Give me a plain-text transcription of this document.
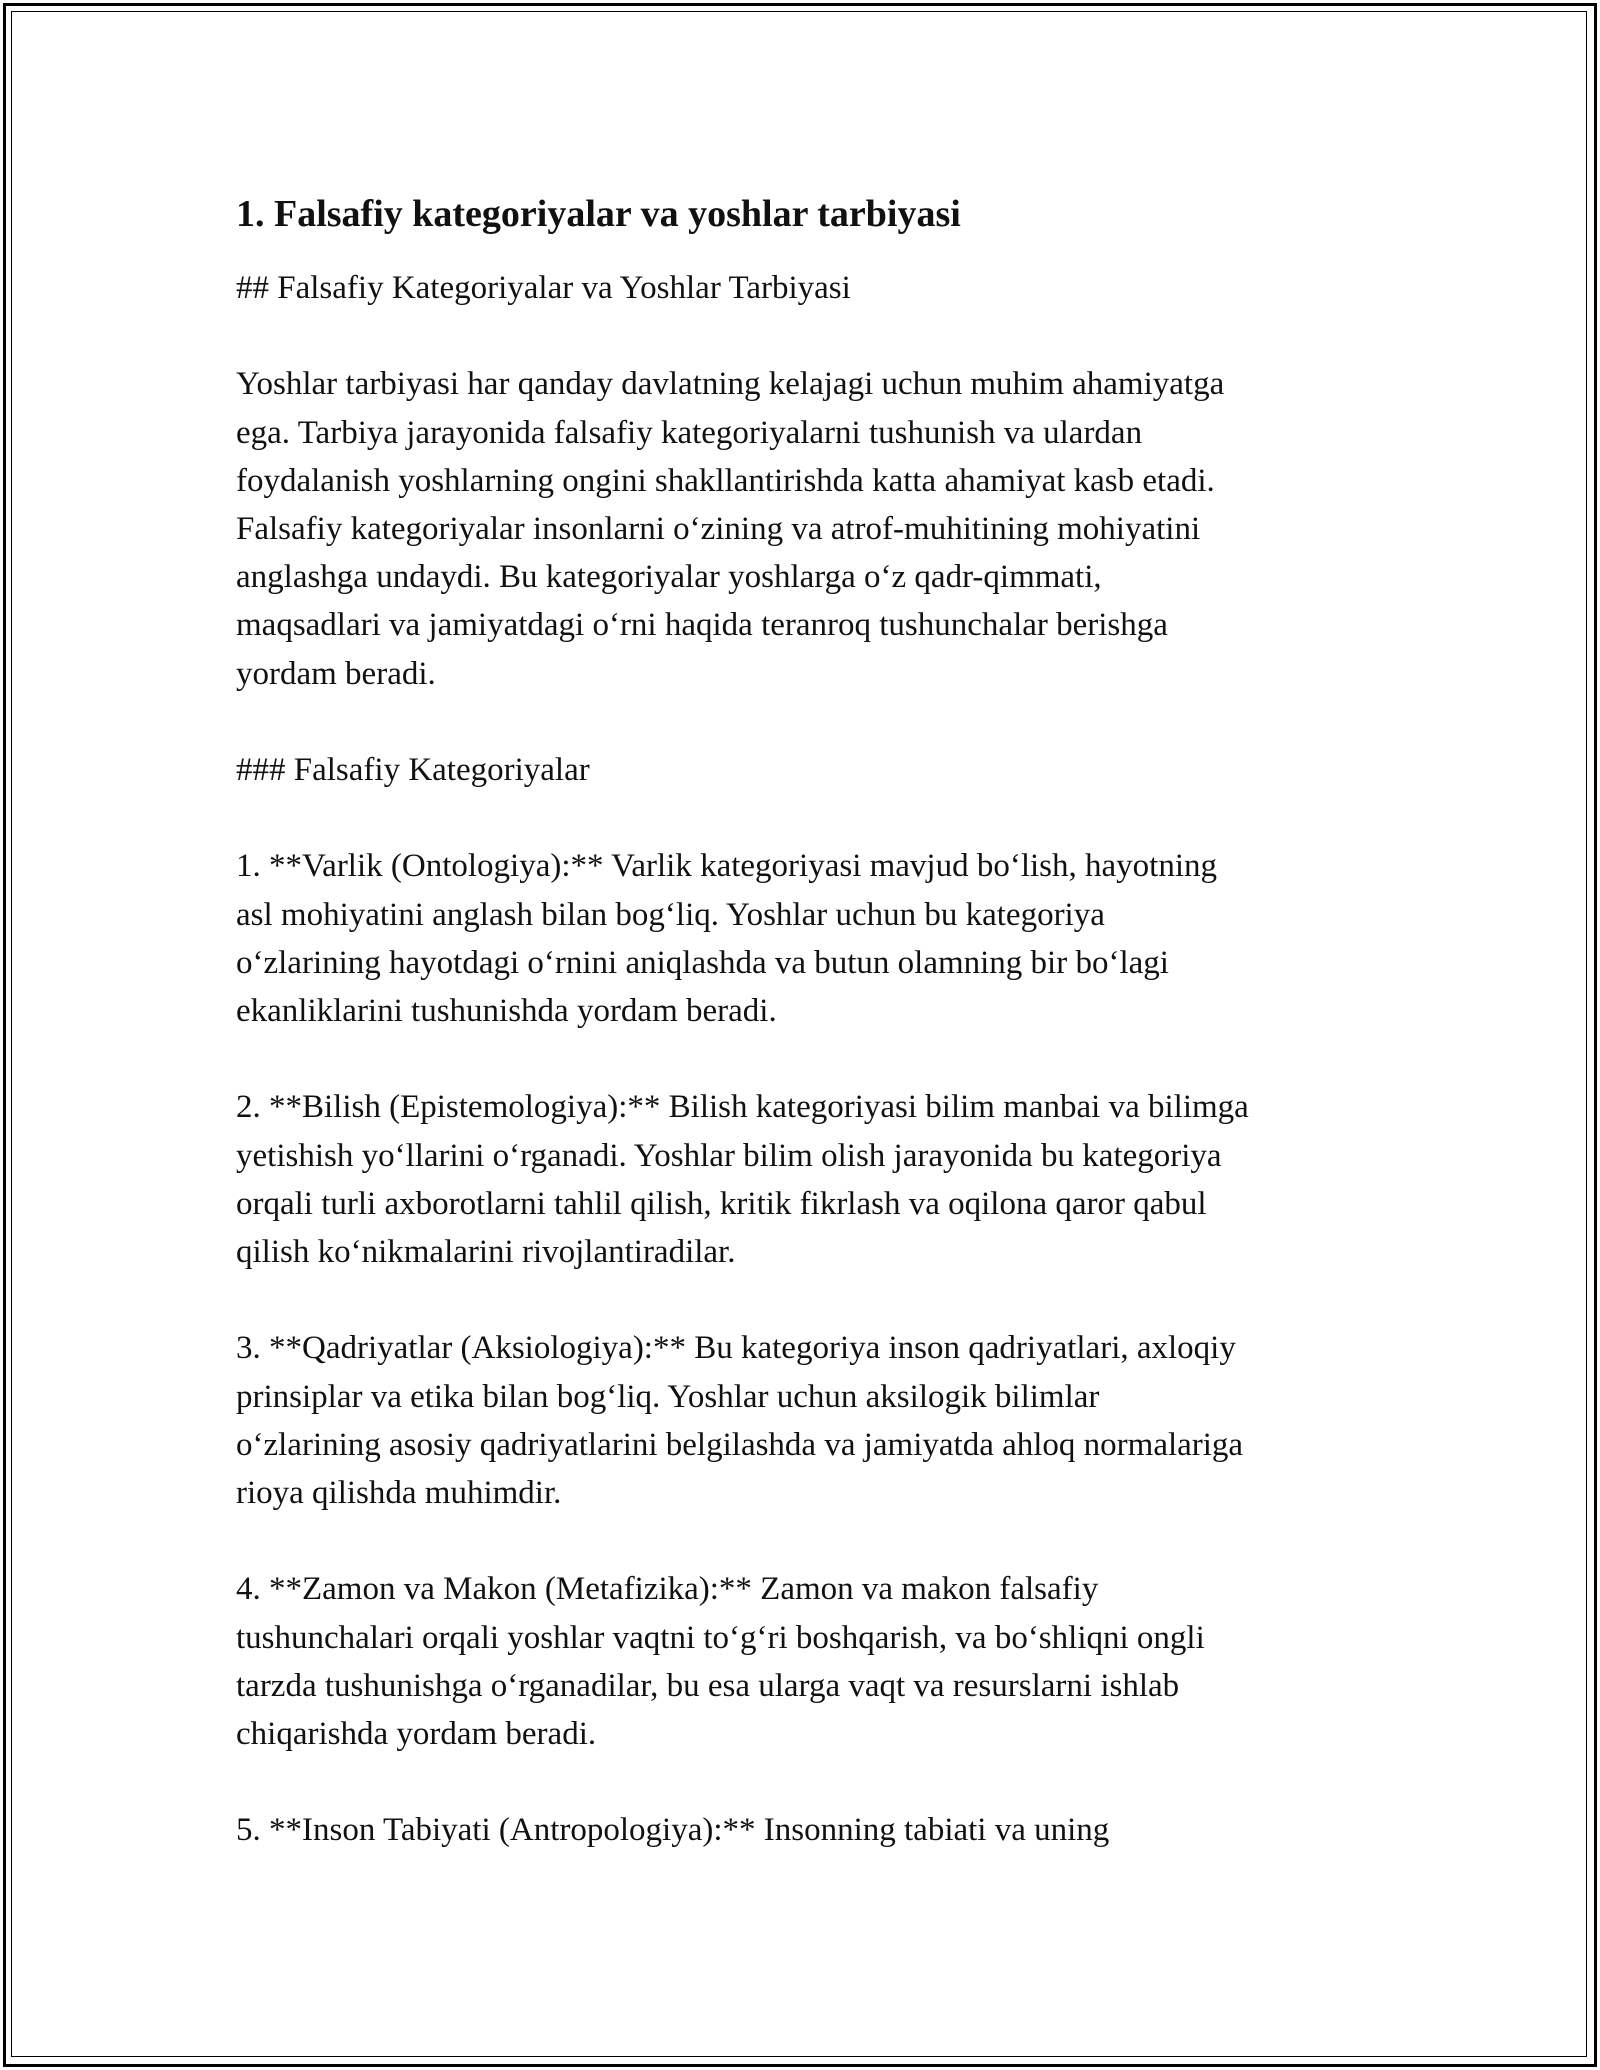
1. Falsafiy kategoriyalar va yoshlar tarbiyasi

## Falsafiy Kategoriyalar va Yoshlar Tarbiyasi

Yoshlar tarbiyasi har qanday davlatning kelajagi uchun muhim ahamiyatga
ega. Tarbiya jarayonida falsafiy kategoriyalarni tushunish va ulardan
foydalanish yoshlarning ongini shakllantirishda katta ahamiyat kasb etadi.
Falsafiy kategoriyalar insonlarni o‘zining va atrof-muhitining mohiyatini
anglashga undaydi. Bu kategoriyalar yoshlarga o‘z qadr-qimmati,
maqsadlari va jamiyatdagi o‘rni haqida teranroq tushunchalar berishga
yordam beradi.

### Falsafiy Kategoriyalar

1. **Varlik (Ontologiya):** Varlik kategoriyasi mavjud bo‘lish, hayotning
asl mohiyatini anglash bilan bog‘liq. Yoshlar uchun bu kategoriya
o‘zlarining hayotdagi o‘rnini aniqlashda va butun olamning bir bo‘lagi
ekanliklarini tushunishda yordam beradi.

2. **Bilish (Epistemologiya):** Bilish kategoriyasi bilim manbai va bilimga
yetishish yo‘llarini o‘rganadi. Yoshlar bilim olish jarayonida bu kategoriya
orqali turli axborotlarni tahlil qilish, kritik fikrlash va oqilona qaror qabul
qilish ko‘nikmalarini rivojlantiradilar.

3. **Qadriyatlar (Aksiologiya):** Bu kategoriya inson qadriyatlari, axloqiy
prinsiplar va etika bilan bog‘liq. Yoshlar uchun aksilogik bilimlar
o‘zlarining asosiy qadriyatlarini belgilashda va jamiyatda ahloq normalariga
rioya qilishda muhimdir.

4. **Zamon va Makon (Metafizika):** Zamon va makon falsafiy
tushunchalari orqali yoshlar vaqtni to‘g‘ri boshqarish, va bo‘shliqni ongli
tarzda tushunishga o‘rganadilar, bu esa ularga vaqt va resurslarni ishlab
chiqarishda yordam beradi.

5. **Inson Tabiyati (Antropologiya):** Insonning tabiati va uning
